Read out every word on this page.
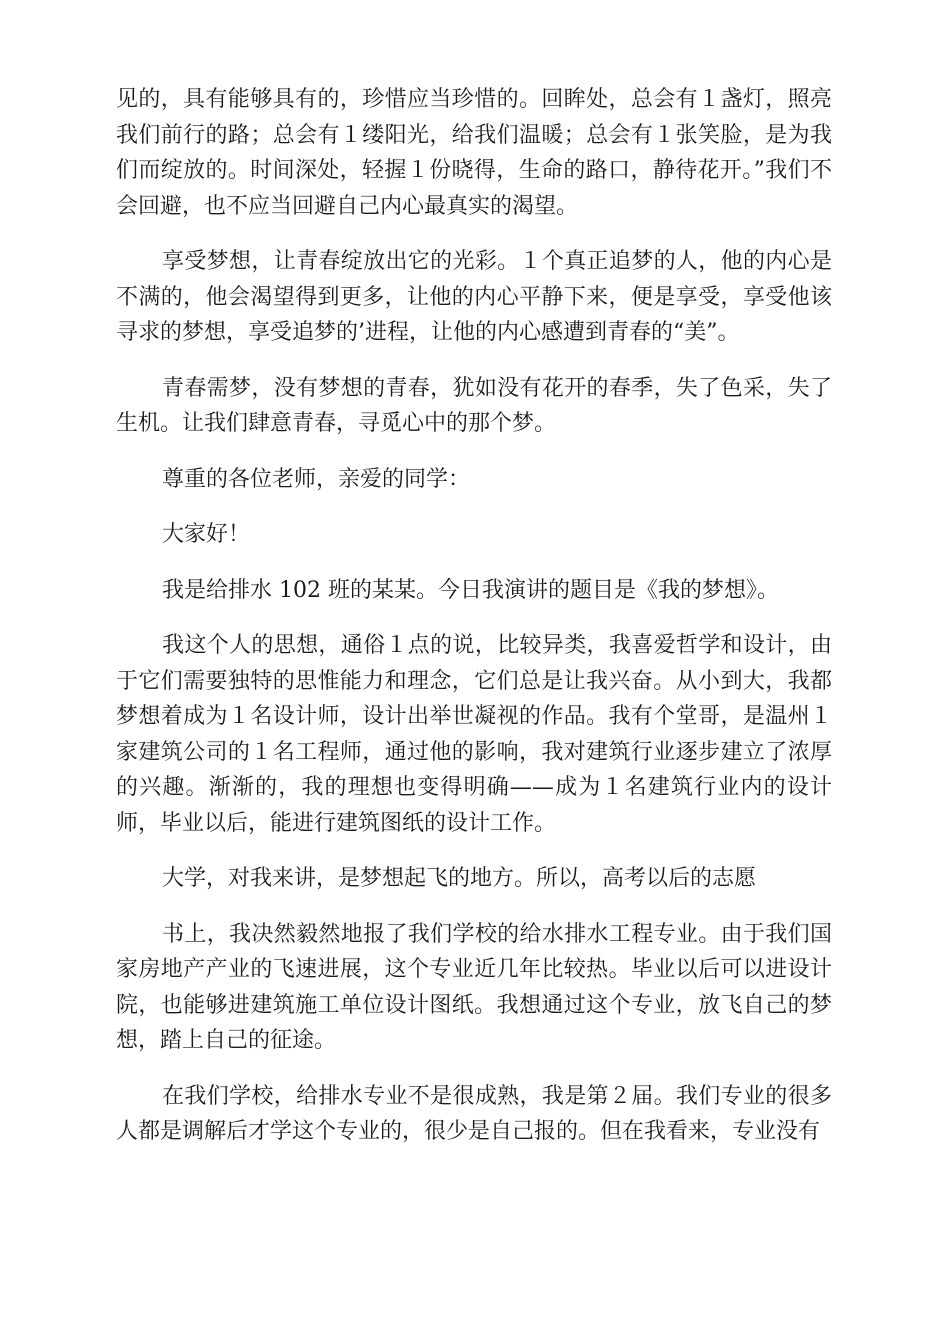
见的，具有能够具有的，珍惜应当珍惜的。回眸处，总会有１盏灯，照亮我们前行的路；总会有１缕阳光，给我们温暖；总会有１张笑脸，是为我们而绽放的。时间深处，轻握１份晓得，生命的路口，静待花开。”我们不会回避，也不应当回避自己内心最真实的渴望。

享受梦想，让青春绽放出它的光彩。１个真正追梦的人，他的内心是不满的，他会渴望得到更多，让他的内心平静下来，便是享受，享受他该寻求的梦想，享受追梦的’进程，让他的内心感遭到青春的“美”。

青春需梦，没有梦想的青春，犹如没有花开的春季，失了色采，失了生机。让我们肆意青春，寻觅心中的那个梦。

尊重的各位老师，亲爱的同学：

大家好！

我是给排水 102 班的某某。今日我演讲的题目是《我的梦想》。

我这个人的思想，通俗１点的说，比较异类，我喜爱哲学和设计，由于它们需要独特的思惟能力和理念，它们总是让我兴奋。从小到大，我都梦想着成为１名设计师，设计出举世凝视的作品。我有个堂哥，是温州１家建筑公司的１名工程师，通过他的影响，我对建筑行业逐步建立了浓厚的兴趣。渐渐的，我的理想也变得明确——成为１名建筑行业内的设计师，毕业以后，能进行建筑图纸的设计工作。

大学，对我来讲，是梦想起飞的地方。所以，高考以后的志愿

书上，我决然毅然地报了我们学校的给水排水工程专业。由于我们国家房地产产业的飞速进展，这个专业近几年比较热。毕业以后可以进设计院，也能够进建筑施工单位设计图纸。我想通过这个专业，放飞自己的梦想，踏上自己的征途。

在我们学校，给排水专业不是很成熟，我是第２届。我们专业的很多人都是调解后才学这个专业的，很少是自己报的。但在我看来，专业没有
